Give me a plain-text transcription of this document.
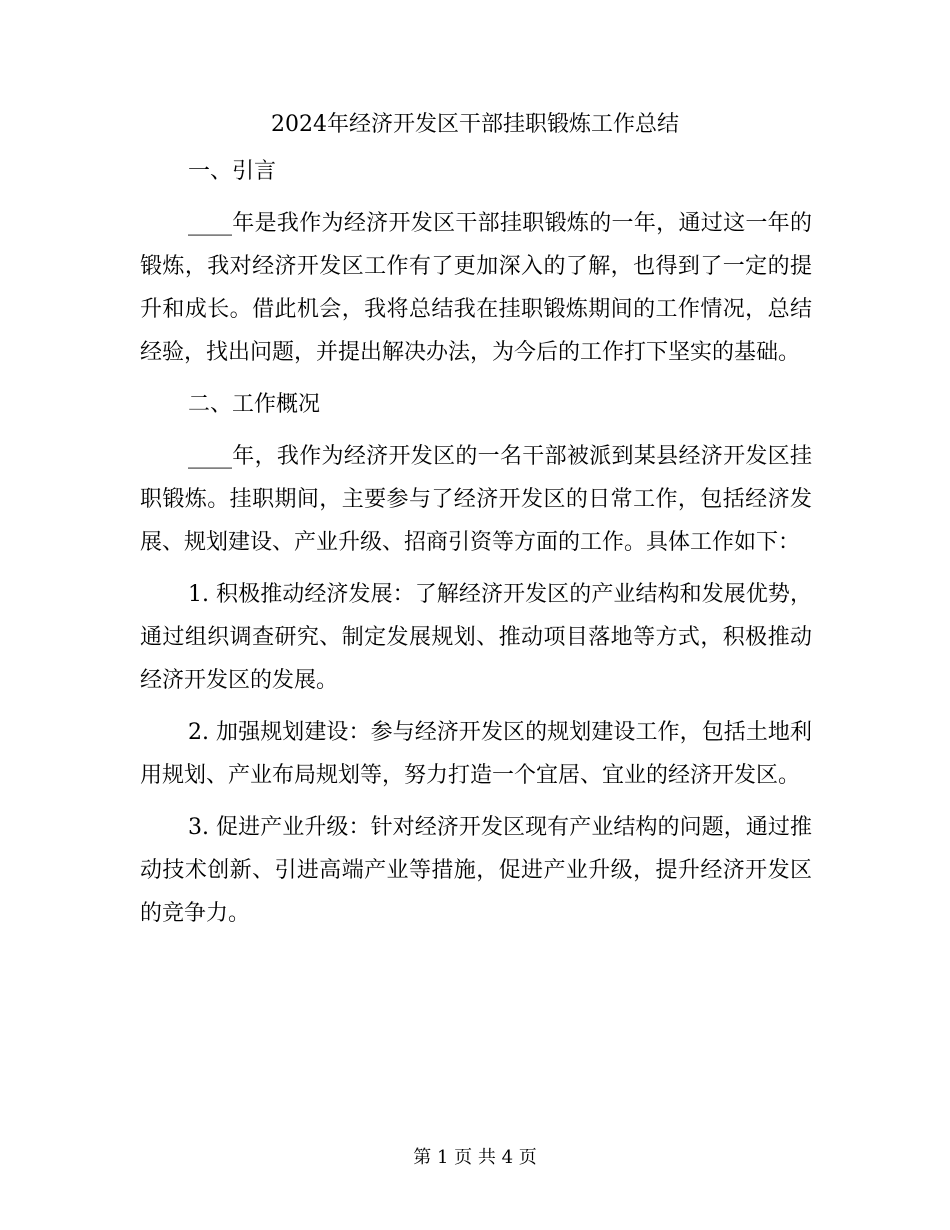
2024年经济开发区干部挂职锻炼工作总结

一、引言

____年是我作为经济开发区干部挂职锻炼的一年，通过这一年的锻炼，我对经济开发区工作有了更加深入的了解，也得到了一定的提升和成长。借此机会，我将总结我在挂职锻炼期间的工作情况，总结经验，找出问题，并提出解决办法，为今后的工作打下坚实的基础。

二、工作概况

____年，我作为经济开发区的一名干部被派到某县经济开发区挂职锻炼。挂职期间，主要参与了经济开发区的日常工作，包括经济发展、规划建设、产业升级、招商引资等方面的工作。具体工作如下：

1. 积极推动经济发展：了解经济开发区的产业结构和发展优势，通过组织调查研究、制定发展规划、推动项目落地等方式，积极推动经济开发区的发展。

2. 加强规划建设：参与经济开发区的规划建设工作，包括土地利用规划、产业布局规划等，努力打造一个宜居、宜业的经济开发区。

3. 促进产业升级：针对经济开发区现有产业结构的问题，通过推动技术创新、引进高端产业等措施，促进产业升级，提升经济开发区的竞争力。

第 1 页 共 4 页
